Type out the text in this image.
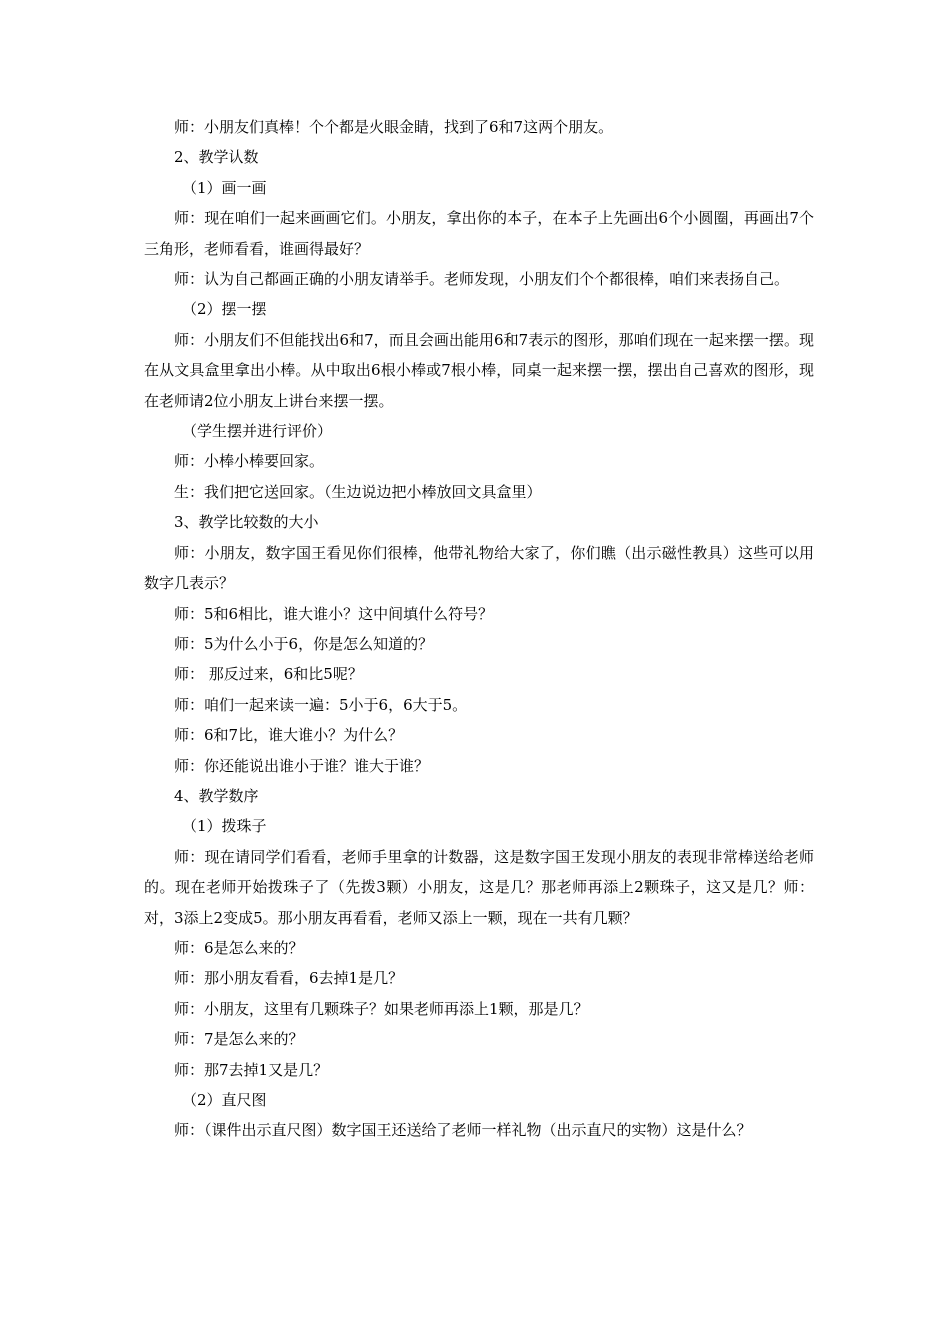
师：小朋友们真棒！个个都是火眼金睛，找到了6和7这两个朋友。

2、教学认数

（1）画一画

师：现在咱们一起来画画它们。小朋友，拿出你的本子，在本子上先画出6个小圆圈，再画出7个三角形，老师看看，谁画得最好？

师：认为自己都画正确的小朋友请举手。老师发现，小朋友们个个都很棒，咱们来表扬自己。

（2）摆一摆

师：小朋友们不但能找出6和7，而且会画出能用6和7表示的图形，那咱们现在一起来摆一摆。现在从文具盒里拿出小棒。从中取出6根小棒或7根小棒，同桌一起来摆一摆，摆出自己喜欢的图形，现在老师请2位小朋友上讲台来摆一摆。

（学生摆并进行评价）

师：小棒小棒要回家。

生：我们把它送回家。（生边说边把小棒放回文具盒里）

3、教学比较数的大小

师：小朋友，数字国王看见你们很棒，他带礼物给大家了，你们瞧（出示磁性教具）这些可以用数字几表示？

师：5和6相比，谁大谁小？这中间填什么符号？

师：5为什么小于6，你是怎么知道的？

师： 那反过来，6和比5呢？

师：咱们一起来读一遍：5小于6，6大于5。

师：6和7比，谁大谁小？为什么？

师：你还能说出谁小于谁？谁大于谁？

4、教学数序

（1）拨珠子

师：现在请同学们看看，老师手里拿的计数器，这是数字国王发现小朋友的表现非常棒送给老师的。现在老师开始拨珠子了（先拨3颗）小朋友，这是几？那老师再添上2颗珠子，这又是几？师：对，3添上2变成5。那小朋友再看看，老师又添上一颗，现在一共有几颗？

师：6是怎么来的？

师：那小朋友看看，6去掉1是几？

师：小朋友，这里有几颗珠子？如果老师再添上1颗，那是几？

师：7是怎么来的？

师：那7去掉1又是几？

（2）直尺图

师：（课件出示直尺图）数字国王还送给了老师一样礼物（出示直尺的实物）这是什么？
